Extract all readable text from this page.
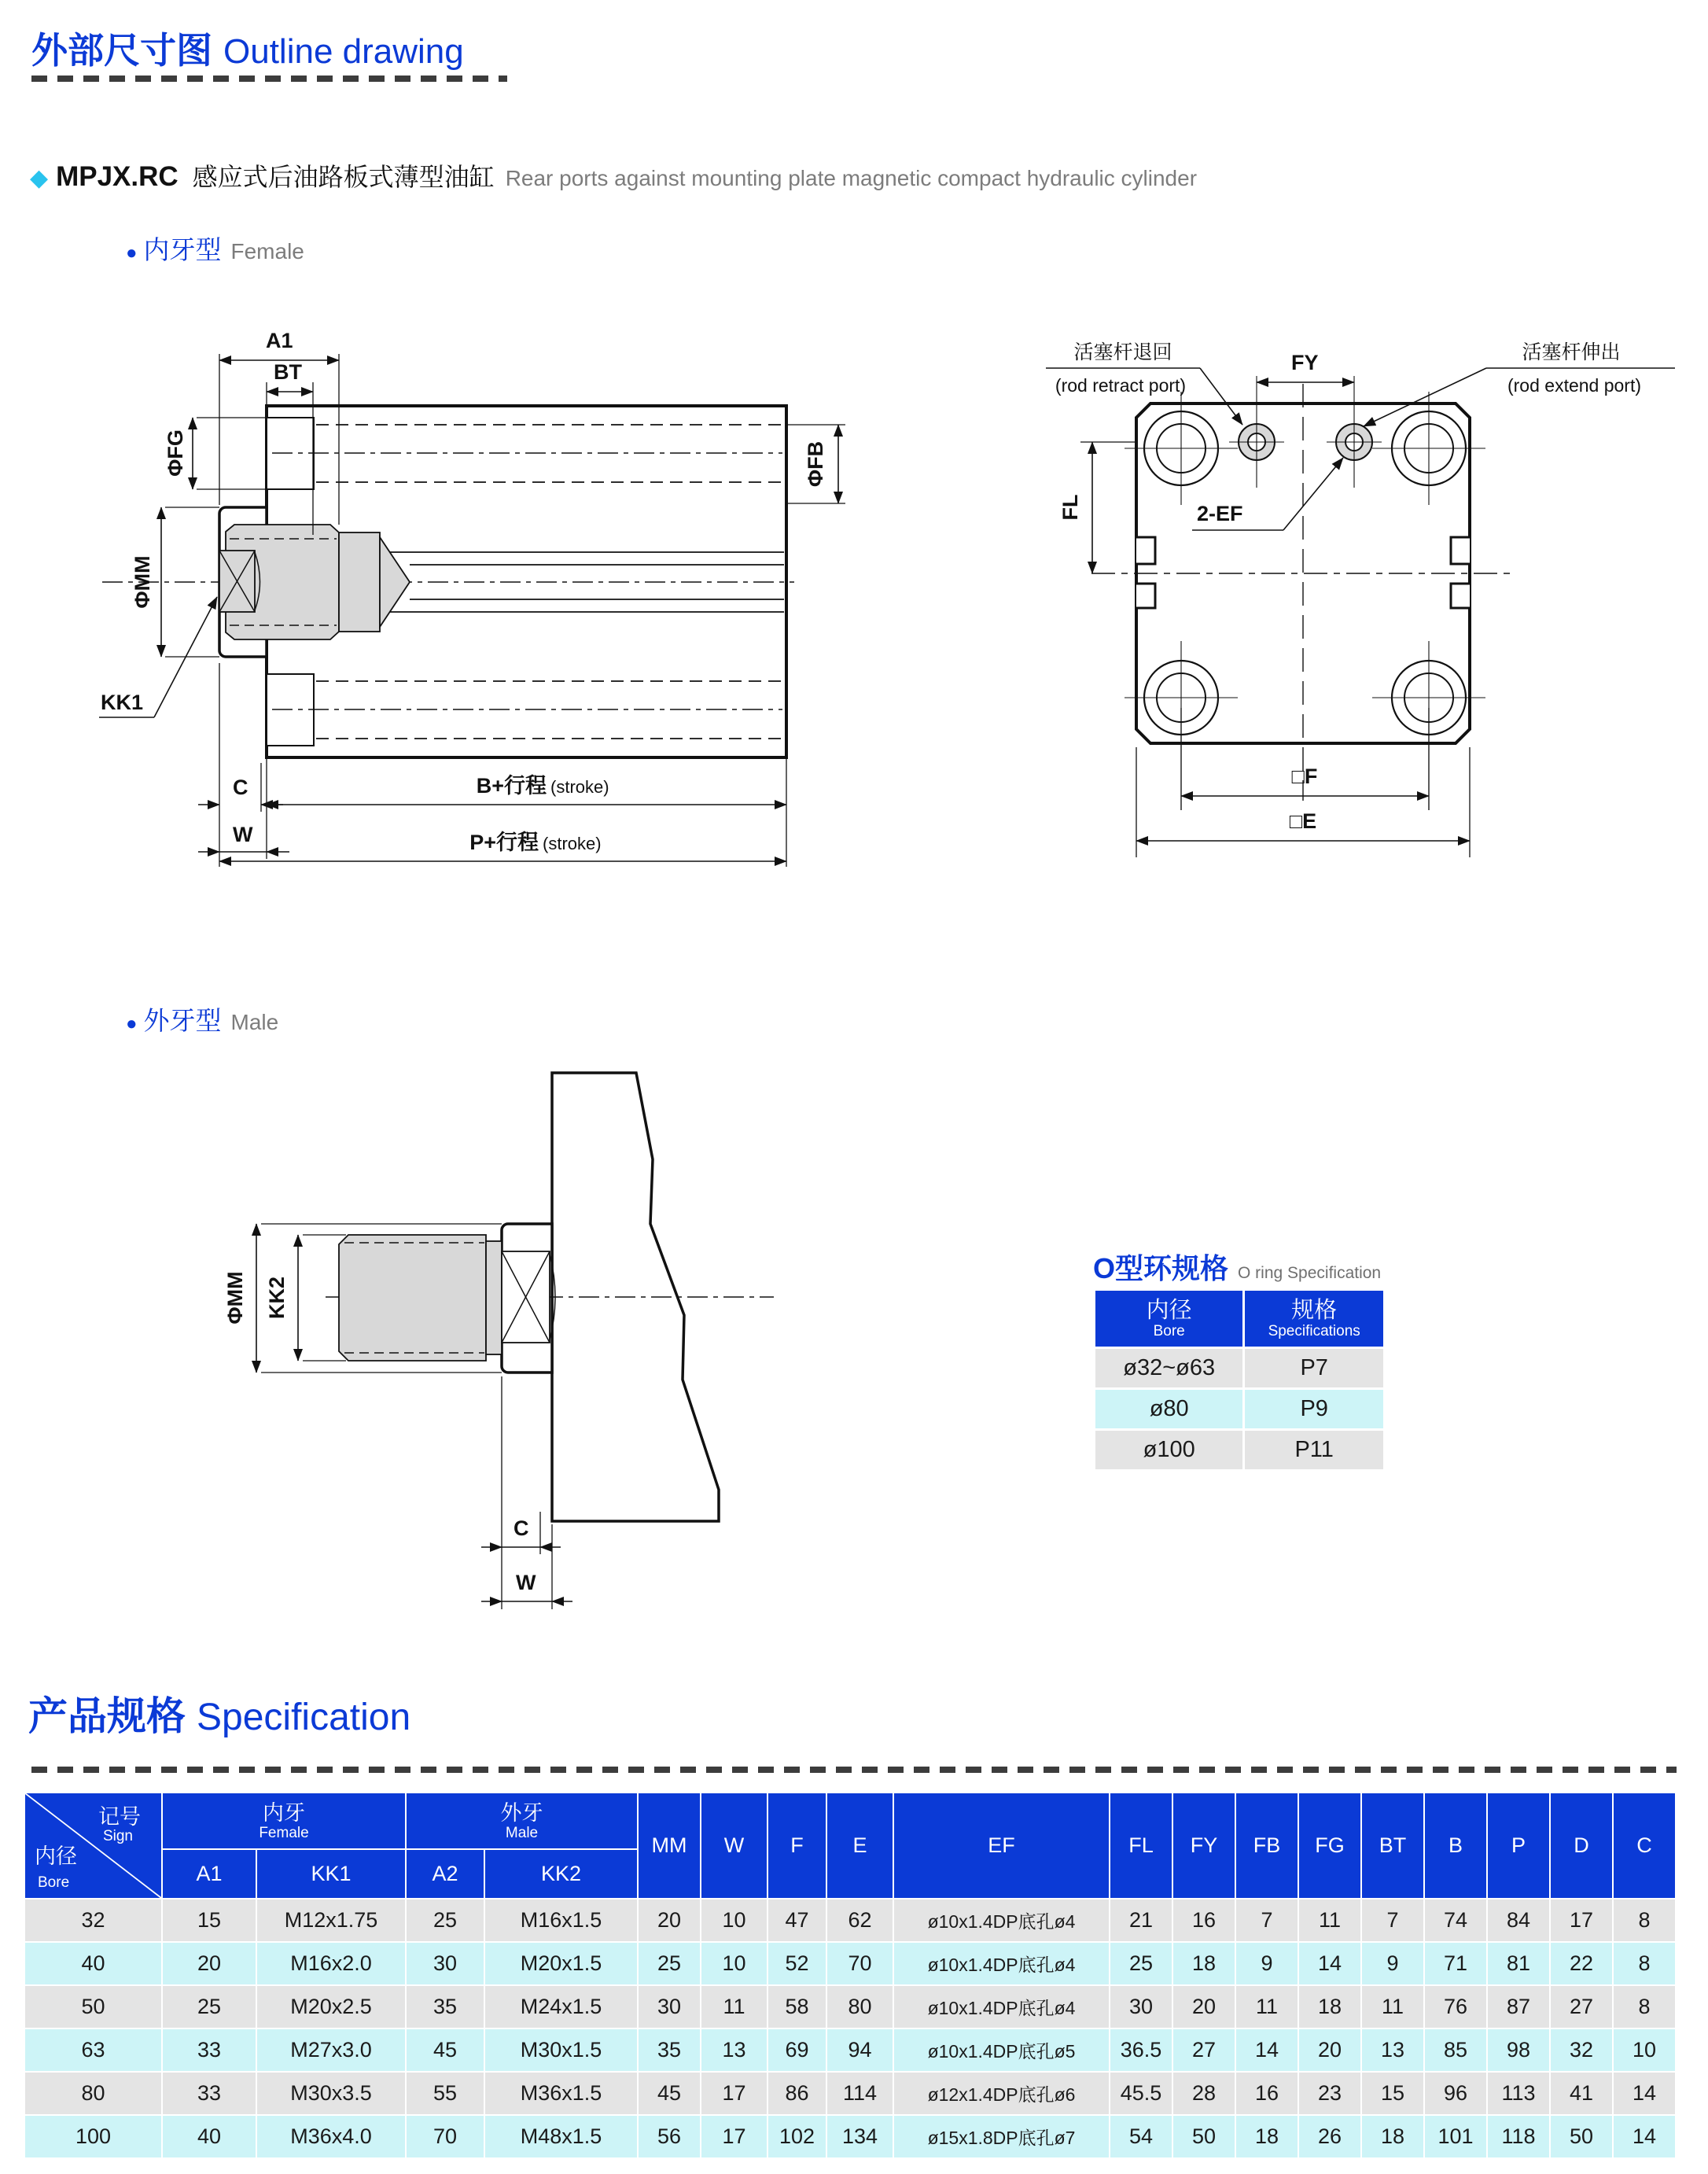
外部尺寸图 Outline drawing
◆ MPJX.RC 感应式后油路板式薄型油缸 Rear ports against mounting plate magnetic compact hydraulic cylinder
● 内牙型 Female
KK1
A1
BT
ΦFG
ΦMM
ΦFB
C
W
B+行程 (stroke)
P+行程 (stroke)
FY
活塞杆退回
(rod retract port)
活塞杆伸出
(rod extend port)
FL	2-EF
□F
□E
● 外牙型 Male
ΦMM KK2
C
W
O型环规格 O ring Specification
内径
Bore	规格
Specifications

ø32~ø63	P7
ø80	P9
ø100	P11
产品规格 Specification
记号
Sign
内径
Bore	内牙
Female		外牙
Male		MM	W	F	E	EF	FL	FY	FB	FG	BT	B	P	D	C
	A1	KK1	A2	KK2														
32	15	M12x1.75	25	M16x1.5	20	10	47	62	ø10x1.4DP底孔ø4	21	16	7	11	7	74	84	17	8
40	20	M16x2.0	30	M20x1.5	25	10	52	70	ø10x1.4DP底孔ø4	25	18	9	14	9	71	81	22	8
50	25	M20x2.5	35	M24x1.5	30	11	58	80	ø10x1.4DP底孔ø4	30	20	11	18	11	76	87	27	8
63	33	M27x3.0	45	M30x1.5	35	13	69	94	ø10x1.4DP底孔ø5	36.5	27	14	20	13	85	98	32	10
80	33	M30x3.5	55	M36x1.5	45	17	86	114	ø12x1.4DP底孔ø6	45.5	28	16	23	15	96	113	41	14
100	40	M36x4.0	70	M48x1.5	56	17	102	134	ø15x1.8DP底孔ø7	54	50	18	26	18	101	118	50	14
